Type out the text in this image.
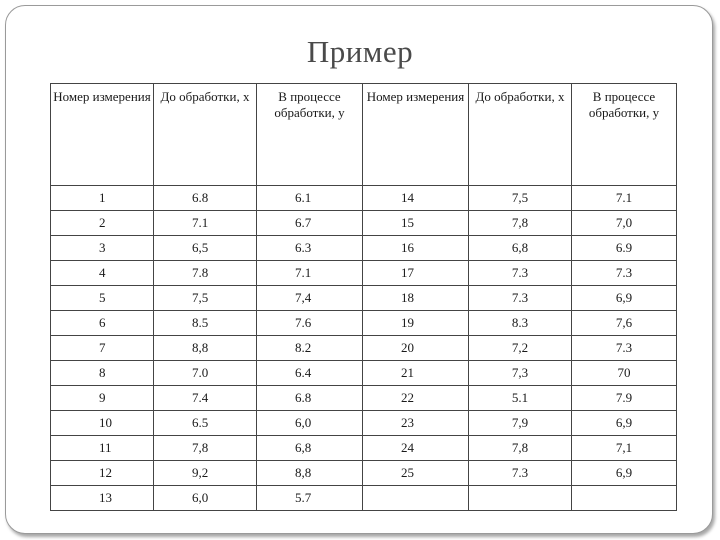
Пример
Номер измерения	До обработки, x	В процессе обработки, y	Номер измерения	До обработки, x	В процессе обработки, y
1	6.8	6.1	14	7,5	7.1
2	7.1	6.7	15	7,8	7,0
3	6,5	6.3	16	6,8	6.9
4	7.8	7.1	17	7.3	7.3
5	7,5	7,4	18	7.3	6,9
6	8.5	7.6	19	8.3	7,6
7	8,8	8.2	20	7,2	7.3
8	7.0	6.4	21	7,3	70
9	7.4	6.8	22	5.1	7.9
10	6.5	6,0	23	7,9	6,9
11	7,8	6,8	24	7,8	7,1
12	9,2	8,8	25	7.3	6,9
13	6,0	5.7			
